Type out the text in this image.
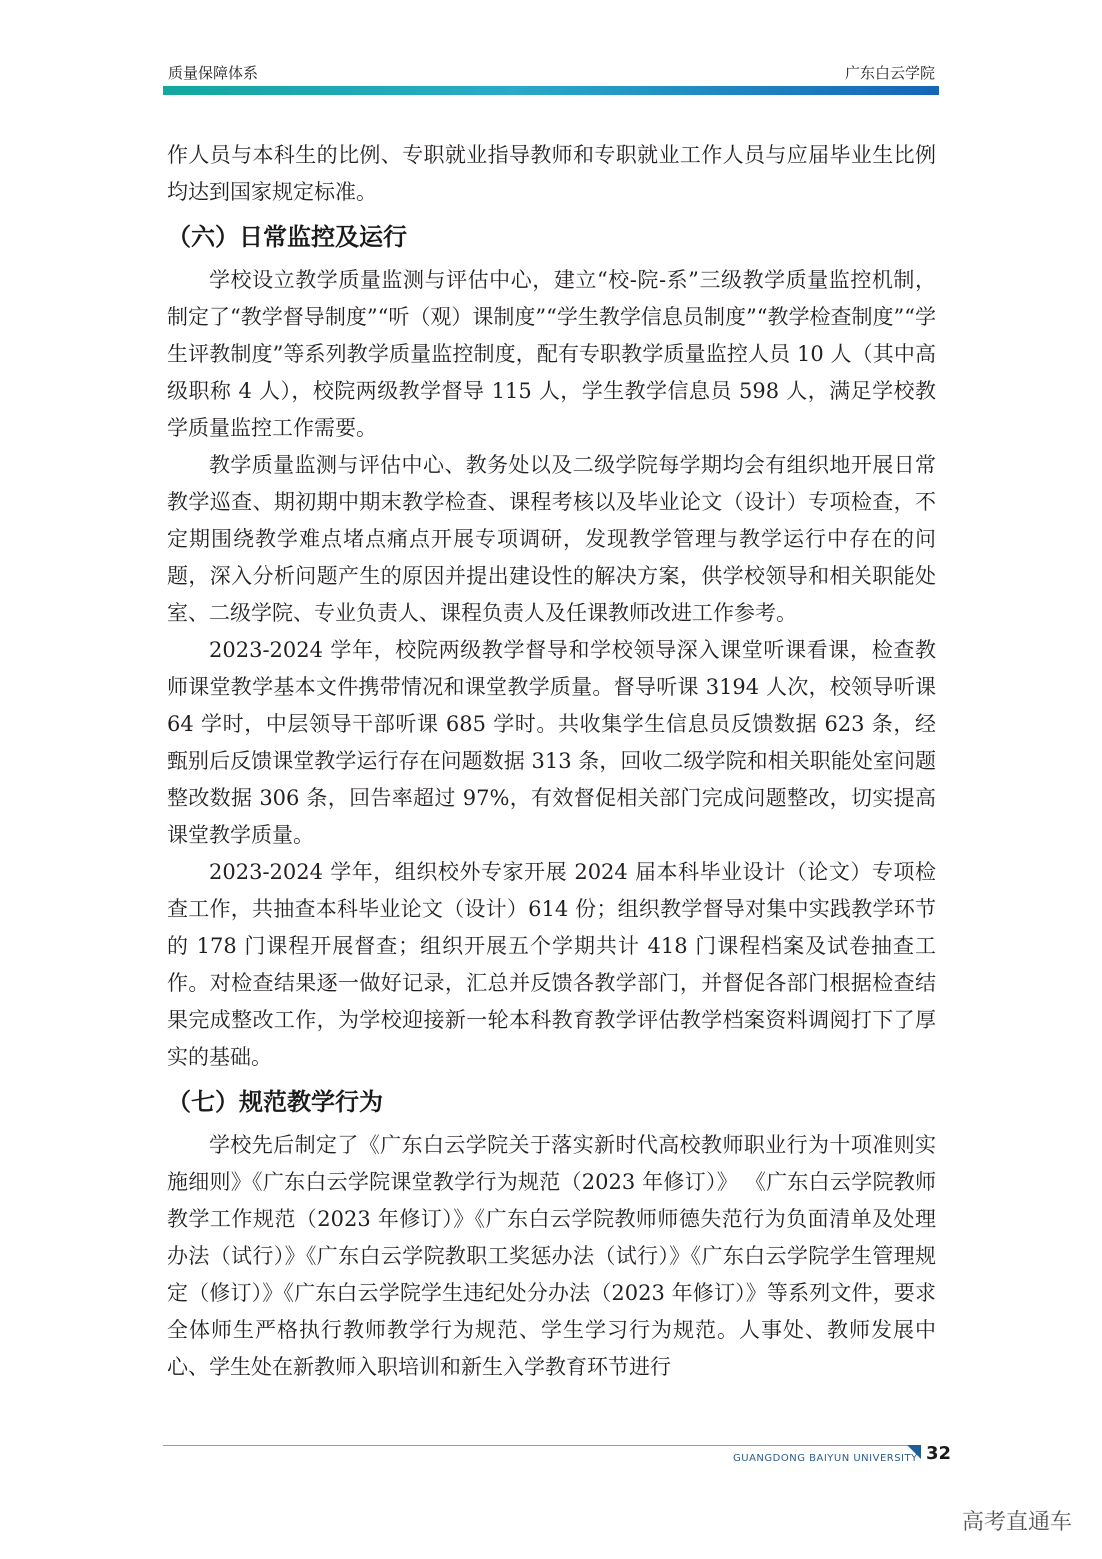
质量保障体系	广东白云学院

作人员与本科生的比例、专职就业指导教师和专职就业工作人员与应届毕业生比例均达到国家规定标准。

（六）日常监控及运行

学校设立教学质量监测与评估中心，建立“校-院-系”三级教学质量监控机制，制定了“教学督导制度”“听（观）课制度”“学生教学信息员制度”“教学检查制度”“学生评教制度”等系列教学质量监控制度，配有专职教学质量监控人员 10 人（其中高级职称 4 人），校院两级教学督导 115 人，学生教学信息员 598 人，满足学校教学质量监控工作需要。

教学质量监测与评估中心、教务处以及二级学院每学期均会有组织地开展日常教学巡查、期初期中期末教学检查、课程考核以及毕业论文（设计）专项检查，不定期围绕教学难点堵点痛点开展专项调研，发现教学管理与教学运行中存在的问题，深入分析问题产生的原因并提出建设性的解决方案，供学校领导和相关职能处室、二级学院、专业负责人、课程负责人及任课教师改进工作参考。

2023-2024 学年，校院两级教学督导和学校领导深入课堂听课看课，检查教师课堂教学基本文件携带情况和课堂教学质量。督导听课 3194 人次，校领导听课 64 学时，中层领导干部听课 685 学时。共收集学生信息员反馈数据 623 条，经甄别后反馈课堂教学运行存在问题数据 313 条，回收二级学院和相关职能处室问题整改数据 306 条，回告率超过 97%，有效督促相关部门完成问题整改，切实提高课堂教学质量。

2023-2024 学年，组织校外专家开展 2024 届本科毕业设计（论文）专项检查工作，共抽查本科毕业论文（设计）614 份；组织教学督导对集中实践教学环节的 178 门课程开展督查；组织开展五个学期共计 418 门课程档案及试卷抽查工作。对检查结果逐一做好记录，汇总并反馈各教学部门，并督促各部门根据检查结果完成整改工作，为学校迎接新一轮本科教育教学评估教学档案资料调阅打下了厚实的基础。

（七）规范教学行为

学校先后制定了《广东白云学院关于落实新时代高校教师职业行为十项准则实施细则》《广东白云学院课堂教学行为规范（2023 年修订）》 《广东白云学院教师教学工作规范（2023 年修订）》《广东白云学院教师师德失范行为负面清单及处理办法（试行）》《广东白云学院教职工奖惩办法（试行）》《广东白云学院学生管理规定（修订）》《广东白云学院学生违纪处分办法（2023 年修订）》等系列文件，要求全体师生严格执行教师教学行为规范、学生学习行为规范。人事处、教师发展中心、学生处在新教师入职培训和新生入学教育环节进行

GUANGDONG BAIYUN UNIVERSITY 32
高考直通车
